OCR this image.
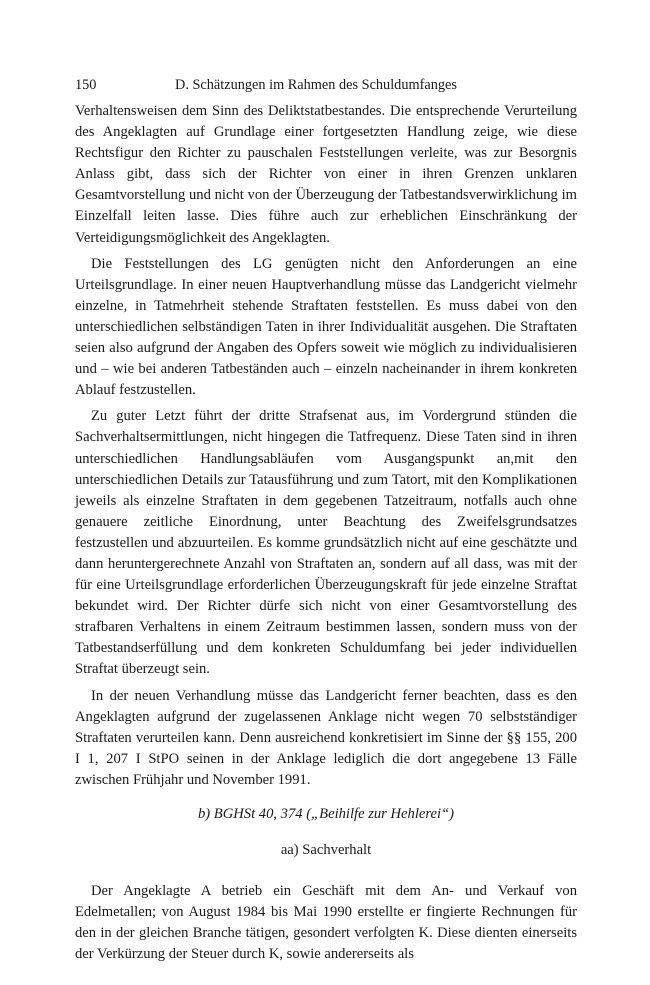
150	D. Schätzungen im Rahmen des Schuldumfanges

Verhaltensweisen dem Sinn des Deliktstatbestandes. Die entsprechende Verurteilung des Angeklagten auf Grundlage einer fortgesetzten Handlung zeige, wie diese Rechtsfigur den Richter zu pauschalen Feststellungen verleite, was zur Besorgnis Anlass gibt, dass sich der Richter von einer in ihren Grenzen unklaren Gesamtvorstellung und nicht von der Überzeugung der Tatbestandsverwirklichung im Einzelfall leiten lasse. Dies führe auch zur erheblichen Einschränkung der Verteidigungsmöglichkeit des Angeklagten.

Die Feststellungen des LG genügten nicht den Anforderungen an eine Urteilsgrundlage. In einer neuen Hauptverhandlung müsse das Landgericht vielmehr einzelne, in Tatmehrheit stehende Straftaten feststellen. Es muss dabei von den unterschiedlichen selbständigen Taten in ihrer Individualität ausgehen. Die Straftaten seien also aufgrund der Angaben des Opfers soweit wie möglich zu individualisieren und – wie bei anderen Tatbeständen auch – einzeln nacheinander in ihrem konkreten Ablauf festzustellen.

Zu guter Letzt führt der dritte Strafsenat aus, im Vordergrund stünden die Sachverhaltsermittlungen, nicht hingegen die Tatfrequenz. Diese Taten sind in ihren unterschiedlichen Handlungsabläufen vom Ausgangspunkt an,mit den unterschiedlichen Details zur Tatausführung und zum Tatort, mit den Komplikationen jeweils als einzelne Straftaten in dem gegebenen Tatzeitraum, notfalls auch ohne genauere zeitliche Einordnung, unter Beachtung des Zweifelsgrundsatzes festzustellen und abzuurteilen. Es komme grundsätzlich nicht auf eine geschätzte und dann heruntergerechnete Anzahl von Straftaten an, sondern auf all dass, was mit der für eine Urteilsgrundlage erforderlichen Überzeugungskraft für jede einzelne Straftat bekundet wird. Der Richter dürfe sich nicht von einer Gesamtvorstellung des strafbaren Verhaltens in einem Zeitraum bestimmen lassen, sondern muss von der Tatbestandserfüllung und dem konkreten Schuldumfang bei jeder individuellen Straftat überzeugt sein.

In der neuen Verhandlung müsse das Landgericht ferner beachten, dass es den Angeklagten aufgrund der zugelassenen Anklage nicht wegen 70 selbstständiger Straftaten verurteilen kann. Denn ausreichend konkretisiert im Sinne der §§ 155, 200 I 1, 207 I StPO seinen in der Anklage lediglich die dort angegebene 13 Fälle zwischen Frühjahr und November 1991.

b) BGHSt 40, 374 („Beihilfe zur Hehlerei“)

aa) Sachverhalt

Der Angeklagte A betrieb ein Geschäft mit dem An- und Verkauf von Edelmetallen; von August 1984 bis Mai 1990 erstellte er fingierte Rechnungen für den in der gleichen Branche tätigen, gesondert verfolgten K. Diese dienten einerseits der Verkürzung der Steuer durch K, sowie andererseits als
